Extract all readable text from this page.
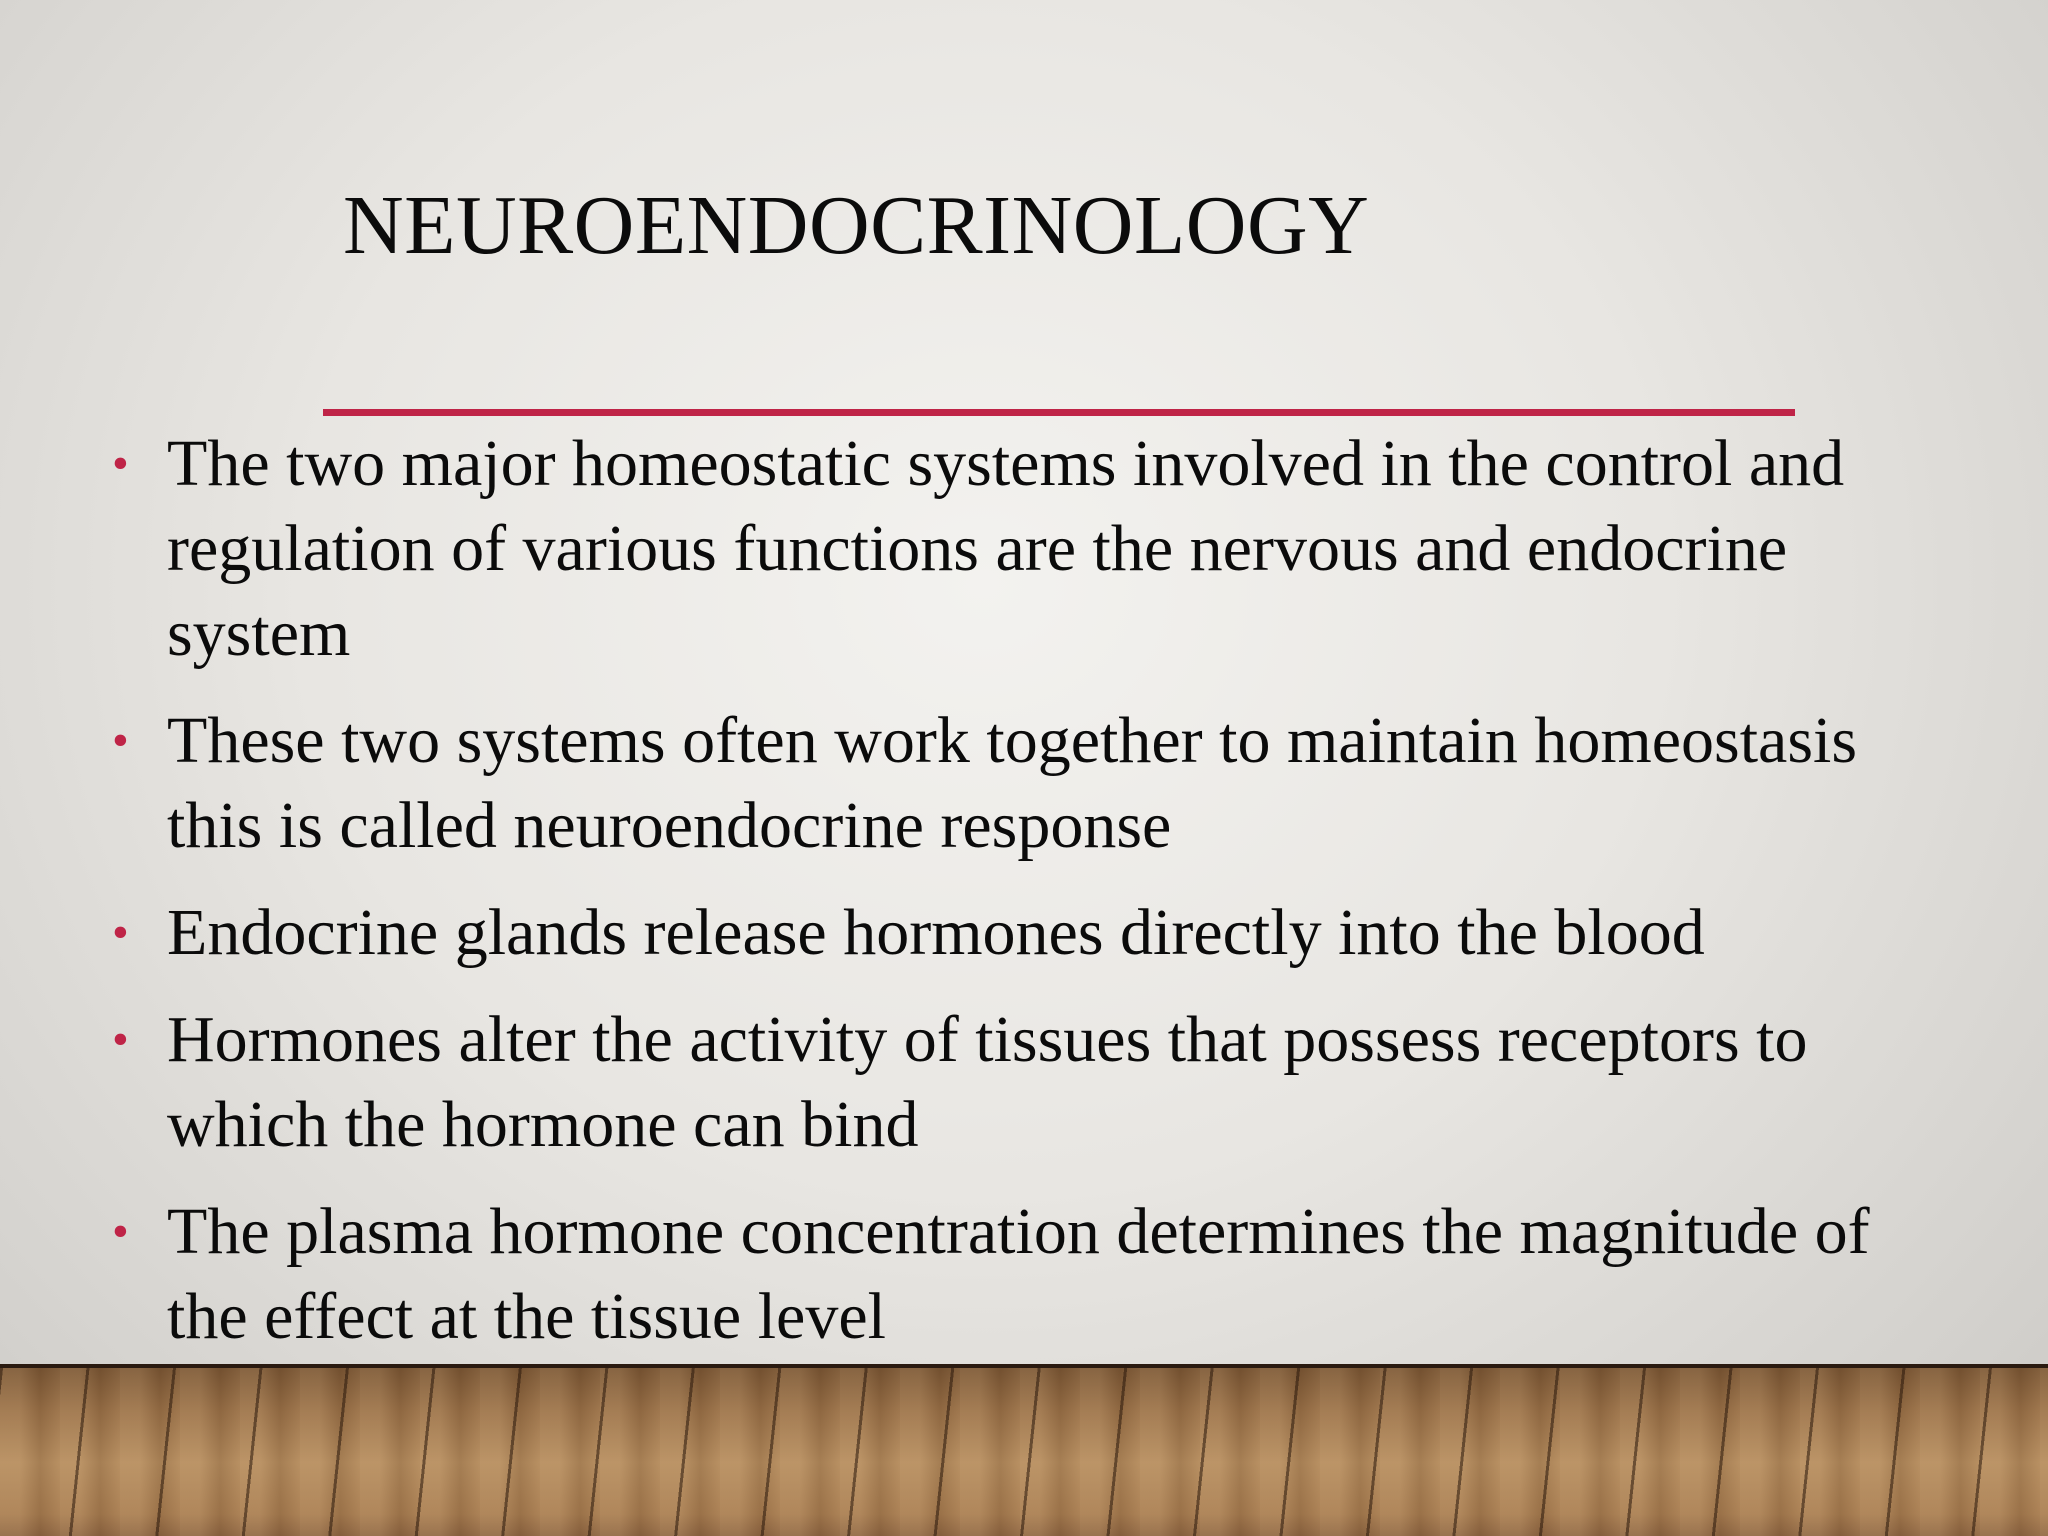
NEUROENDOCRINOLOGY
• The two major homeostatic systems involved in the control and regulation of various functions are the nervous and endocrine system
• These two systems often work together to maintain homeostasis this is called neuroendocrine response
• Endocrine glands release hormones directly into the blood
• Hormones alter the activity of tissues that possess receptors to which the hormone can bind
• The plasma hormone concentration determines the magnitude of the effect at the tissue level
